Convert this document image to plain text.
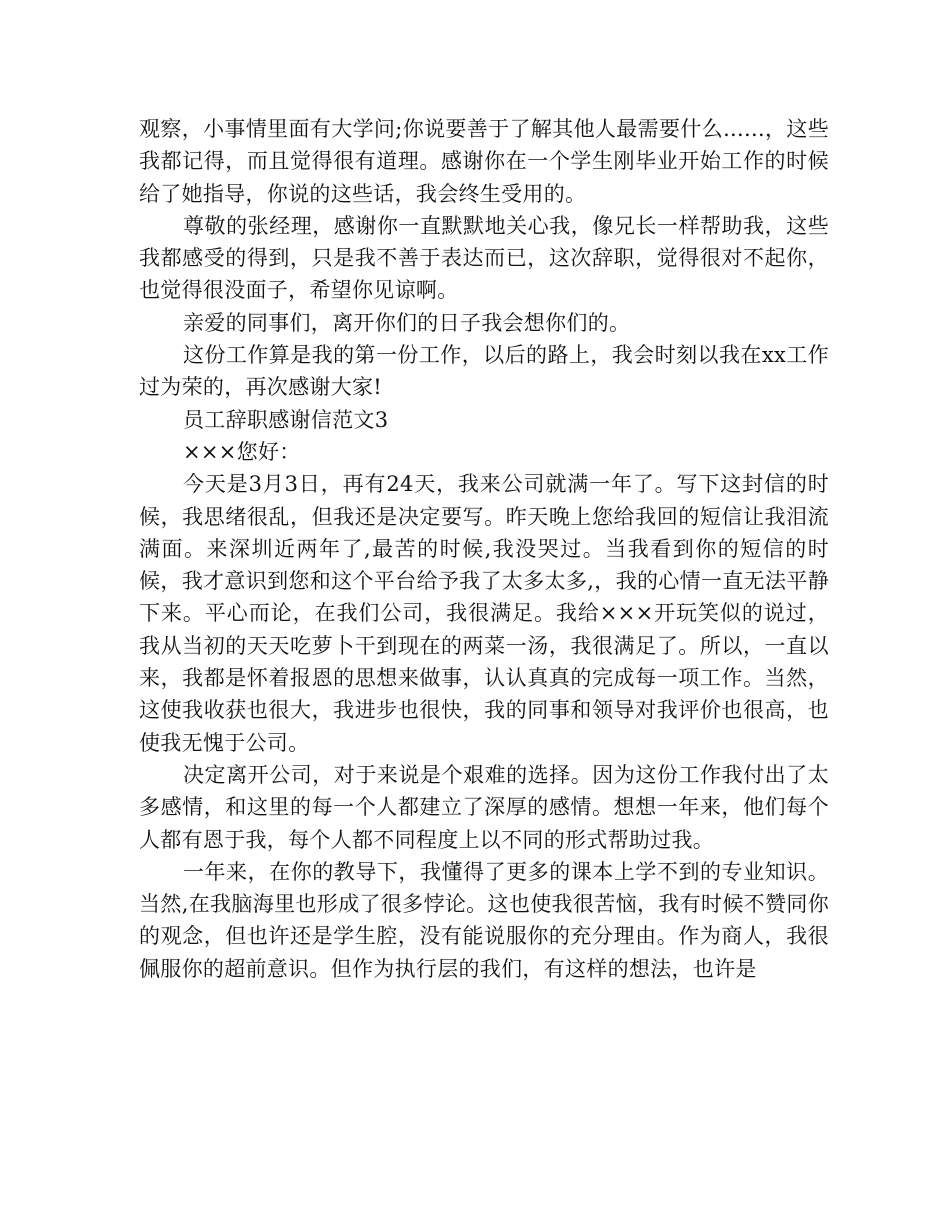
观察，小事情里面有大学问;你说要善于了解其他人最需要什么......，这些我都记得，而且觉得很有道理。感谢你在一个学生刚毕业开始工作的时候给了她指导，你说的这些话，我会终生受用的。

尊敬的张经理，感谢你一直默默地关心我，像兄长一样帮助我，这些我都感受的得到，只是我不善于表达而已，这次辞职，觉得很对不起你，也觉得很没面子，希望你见谅啊。

亲爱的同事们，离开你们的日子我会想你们的。

这份工作算是我的第一份工作，以后的路上，我会时刻以我在xx工作过为荣的，再次感谢大家!

员工辞职感谢信范文3

×××您好：

今天是3月3日，再有24天，我来公司就满一年了。写下这封信的时候，我思绪很乱，但我还是决定要写。昨天晚上您给我回的短信让我泪流满面。来深圳近两年了,最苦的时候,我没哭过。当我看到你的短信的时候，我才意识到您和这个平台给予我了太多太多,，我的心情一直无法平静下来。平心而论，在我们公司，我很满足。我给×××开玩笑似的说过，我从当初的天天吃萝卜干到现在的两菜一汤，我很满足了。所以，一直以来，我都是怀着报恩的思想来做事，认认真真的完成每一项工作。当然，这使我收获也很大，我进步也很快，我的同事和领导对我评价也很高，也使我无愧于公司。

决定离开公司，对于来说是个艰难的选择。因为这份工作我付出了太多感情，和这里的每一个人都建立了深厚的感情。想想一年来，他们每个人都有恩于我，每个人都不同程度上以不同的形式帮助过我。

一年来，在你的教导下，我懂得了更多的课本上学不到的专业知识。当然,在我脑海里也形成了很多悖论。这也使我很苦恼，我有时候不赞同你的观念，但也许还是学生腔，没有能说服你的充分理由。作为商人，我很佩服你的超前意识。但作为执行层的我们，有这样的想法，也许是
